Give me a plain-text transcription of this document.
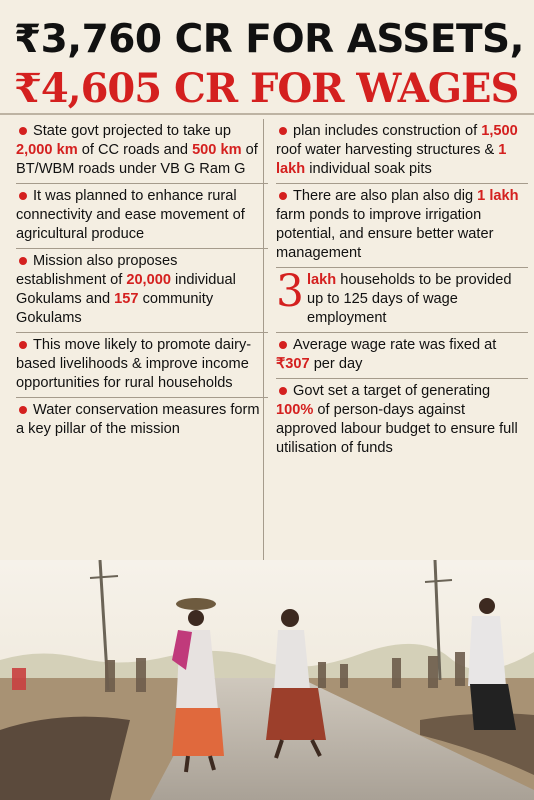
₹3,760 CR FOR ASSETS,
₹4,605 CR FOR WAGES
State govt projected to take up 2,000 km of CC roads and 500 km of BT/WBM roads under VB G Ram G
It was planned to enhance rural connectivity and ease movement of agricultural produce
Mission also proposes establishment of 20,000 individual Gokulams and 157 community Gokulams
This move likely to promote dairy-based livelihoods & improve income opportunities for rural households
Water conservation measures form a key pillar of the mission
plan includes construction of 1,500 roof water harvesting structures & 1 lakh individual soak pits
There are also plan also dig 1 lakh farm ponds to improve irrigation potential, and ensure better water management
3 lakh households to be provided up to 125 days of wage employment
Average wage rate was fixed at ₹307 per day
Govt set a target of generating 100% of person-days against approved labour budget to ensure full utilisation of funds
